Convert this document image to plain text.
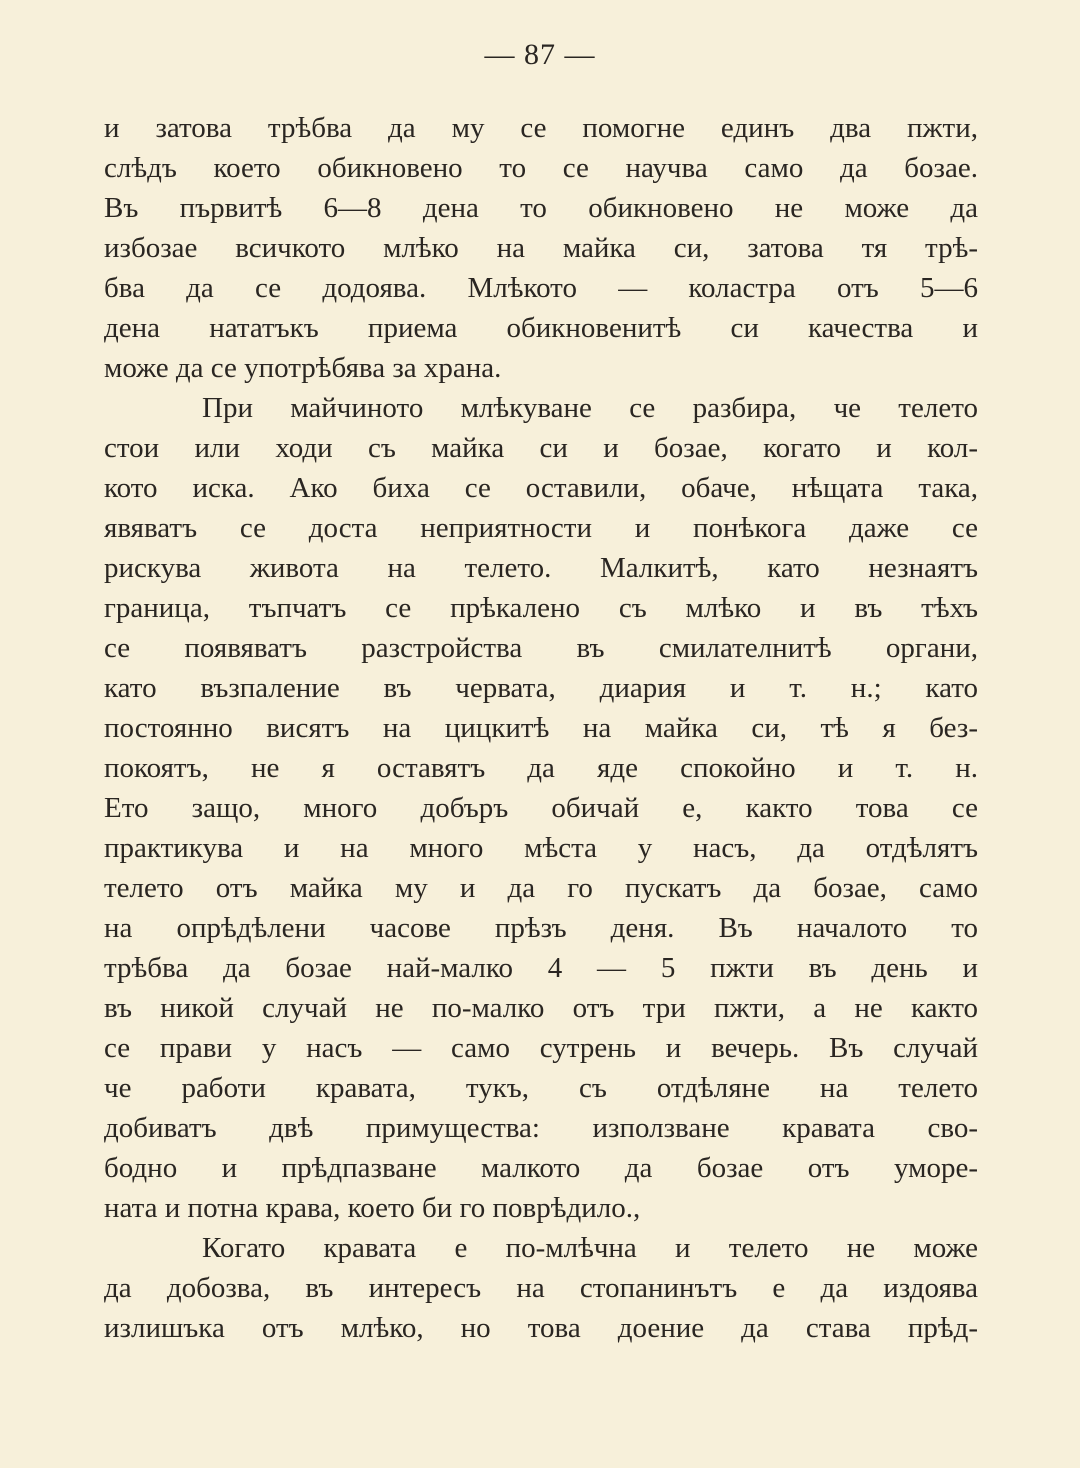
— 87 —
и затова трѣбва да му се помогне единъ два пжти,
слѣдъ което обикновено то се научва само да бозае.
Въ първитѣ 6—8 дена то обикновено не може да
избозае всичкото млѣко на майка си, затова тя трѣ-
бва да се додоява. Млѣкото — коластра отъ 5—6
дена нататъкъ приема обикновенитѣ си качества и
може да се употрѣбява за храна.
При майчиното млѣкуване се разбира, че телето
стои или ходи съ майка си и бозае, когато и кол-
кото иска. Ако биха се оставили, обаче, нѣщата така,
явяватъ се доста неприятности и понѣкога даже се
рискува живота на телето. Малкитѣ, като незнаятъ
граница, тъпчатъ се прѣкалено съ млѣко и въ тѣхъ
се появяватъ разстройства въ смилателнитѣ органи,
като възпаление въ червата, диария и т. н.; като
постоянно висятъ на цицкитѣ на майка си, тѣ я без-
покоятъ, не я оставятъ да яде спокойно и т. н.
Ето защо, много добъръ обичай е, както това се
практикува и на много мѣста у насъ, да отдѣлятъ
телето отъ майка му и да го пускатъ да бозае, само
на опрѣдѣлени часове прѣзъ деня. Въ началото то
трѣбва да бозае най-малко 4 — 5 пжти въ день и
въ никой случай не по-малко отъ три пжти, а не както
се прави у насъ — само сутрень и вечерь. Въ случай
че работи кравата, тукъ, съ отдѣляне на телето
добиватъ двѣ примущества: използване кравата сво-
бодно и прѣдпазване малкото да бозае отъ уморе-
ната и потна крава, което би го поврѣдило.,
Когато кравата е по-млѣчна и телето не може
да добозва, въ интересъ на стопанинътъ е да издоява
излишъка отъ млѣко, но това доение да става прѣд-
